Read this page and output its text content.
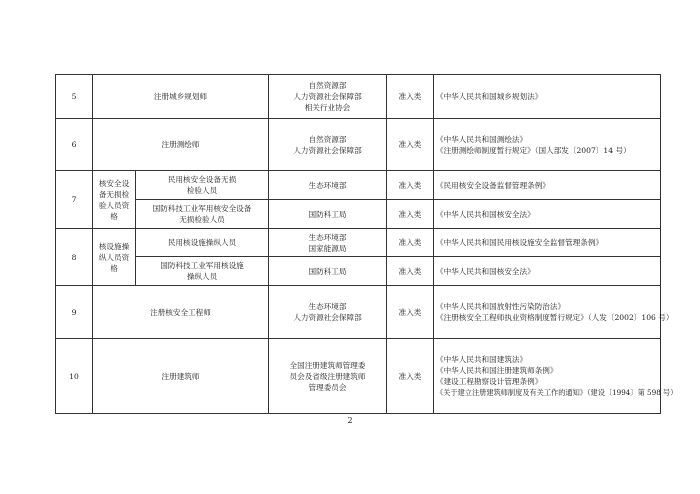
5	注册城乡规划师		自然资源部
人力资源社会保障部
相关行业协会	准入类	《中华人民共和国城乡规划法》

6	注册测绘师		自然资源部
人力资源社会保障部	准入类	《中华人民共和国测绘法》
《注册测绘师制度暂行规定》（国人部发〔2007〕14 号）

7	核安全设
备无损检
验人员资
格	民用核安全设备无损
检验人员	生态环境部	准入类	《民用核安全设备监督管理条例》

		国防科技工业军用核安全设备
无损检验人员	国防科工局	准入类	《中华人民共和国核安全法》
8	核设施操
纵人员资
格	民用核设施操纵人员	生态环境部
国家能源局	准入类	《中华人民共和国民用核设施安全监督管理条例》

		国防科技工业军用核设施
操纵人员	国防科工局	准入类	《中华人民共和国核安全法》
9	注册核安全工程师		生态环境部
人力资源社会保障部	准入类	《中华人民共和国放射性污染防治法》
《注册核安全工程师执业资格制度暂行规定》（人发〔2002〕106 号）

10	注册建筑师		全国注册建筑师管理委
员会及省级注册建筑师
管理委员会	准入类	《中华人民共和国建筑法》
《中华人民共和国注册建筑师条例》
《建设工程勘察设计管理条例》
《关于建立注册建筑师制度及有关工作的通知》（建设〔1994〕第 598 号）
2
